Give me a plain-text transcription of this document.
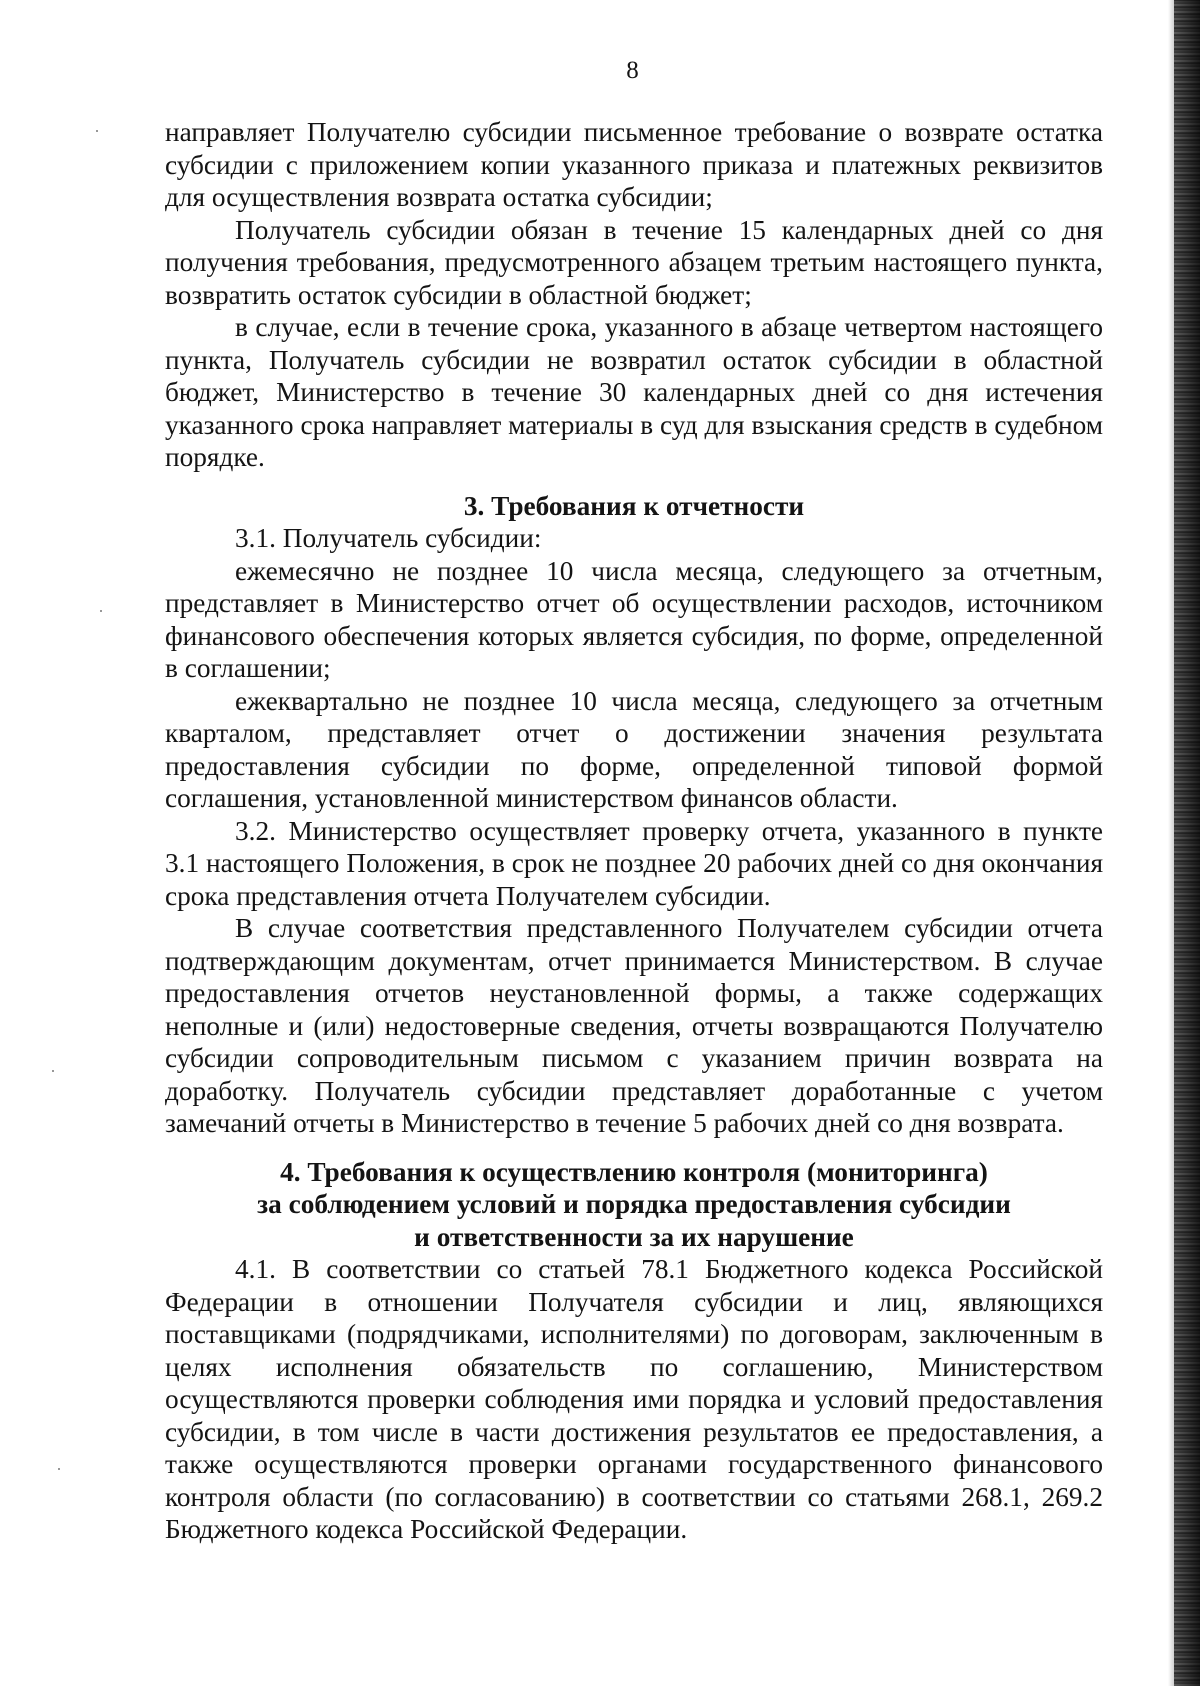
8

направляет Получателю субсидии письменное требование о возврате остатка субсидии с приложением копии указанного приказа и платежных реквизитов для осуществления возврата остатка субсидии;

Получатель субсидии обязан в течение 15 календарных дней со дня получения требования, предусмотренного абзацем третьим настоящего пункта, возвратить остаток субсидии в областной бюджет;

в случае, если в течение срока, указанного в абзаце четвертом настоящего пункта, Получатель субсидии не возвратил остаток субсидии в областной бюджет, Министерство в течение 30 календарных дней со дня истечения указанного срока направляет материалы в суд для взыскания средств в судебном порядке.

3. Требования к отчетности

3.1. Получатель субсидии:

ежемесячно не позднее 10 числа месяца, следующего за отчетным, представляет в Министерство отчет об осуществлении расходов, источником финансового обеспечения которых является субсидия, по форме, определенной в соглашении;

ежеквартально не позднее 10 числа месяца, следующего за отчетным кварталом, представляет отчет о достижении значения результата предоставления субсидии по форме, определенной типовой формой соглашения, установленной министерством финансов области.

3.2. Министерство осуществляет проверку отчета, указанного в пункте 3.1 настоящего Положения, в срок не позднее 20 рабочих дней со дня окончания срока представления отчета Получателем субсидии.

В случае соответствия представленного Получателем субсидии отчета подтверждающим документам, отчет принимается Министерством. В случае предоставления отчетов неустановленной формы, а также содержащих неполные и (или) недостоверные сведения, отчеты возвращаются Получателю субсидии сопроводительным письмом с указанием причин возврата на доработку. Получатель субсидии представляет доработанные с учетом замечаний отчеты в Министерство в течение 5 рабочих дней со дня возврата.

4. Требования к осуществлению контроля (мониторинга)
за соблюдением условий и порядка предоставления субсидии
и ответственности за их нарушение

4.1. В соответствии со статьей 78.1 Бюджетного кодекса Российской Федерации в отношении Получателя субсидии и лиц, являющихся поставщиками (подрядчиками, исполнителями) по договорам, заключенным в целях исполнения обязательств по соглашению, Министерством осуществляются проверки соблюдения ими порядка и условий предоставления субсидии, в том числе в части достижения результатов ее предоставления, а также осуществляются проверки органами государственного финансового контроля области (по согласованию) в соответствии со статьями 268.1, 269.2 Бюджетного кодекса Российской Федерации.
